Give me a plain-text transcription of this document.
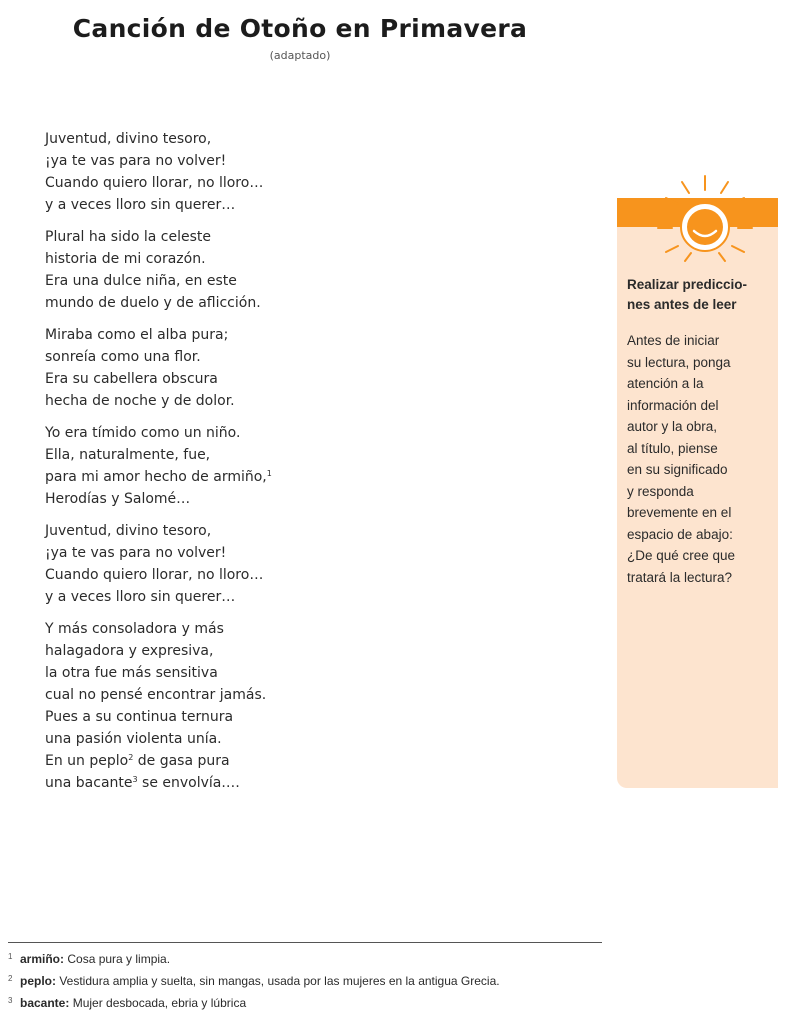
Canción de Otoño en Primavera
(adaptado)
Juventud, divino tesoro,
¡ya te vas para no volver!
Cuando quiero llorar, no lloro…
y a veces lloro sin querer…
Plural ha sido la celeste
historia de mi corazón.
Era una dulce niña, en este
mundo de duelo y de aflicción.
Miraba como el alba pura;
sonreía como una flor.
Era su cabellera obscura
hecha de noche y de dolor.
Yo era tímido como un niño.
Ella, naturalmente, fue,
para mi amor hecho de armiño,$^1$
Herodías y Salomé…
Juventud, divino tesoro,
¡ya te vas para no volver!
Cuando quiero llorar, no lloro…
y a veces lloro sin querer…
Y más consoladora y más
halagadora y expresiva,
la otra fue más sensitiva
cual no pensé encontrar jamás.
Pues a su continua ternura
una pasión violenta unía.
En un peplo$^2$ de gasa pura
una bacante$^3$ se envolvía.…
Realizar prediccio-
nes antes de leer
Antes de iniciar
su lectura, ponga
atención a la
información del
autor y la obra,
al título, piense
en su significado
y responda
brevemente en el
espacio de abajo:
¿De qué cree que
tratará la lectura?
1 armiño: Cosa pura y limpia.
2 peplo: Vestidura amplia y suelta, sin mangas, usada por las mujeres en la antigua Grecia.
3 bacante: Mujer desbocada, ebria y lúbrica
